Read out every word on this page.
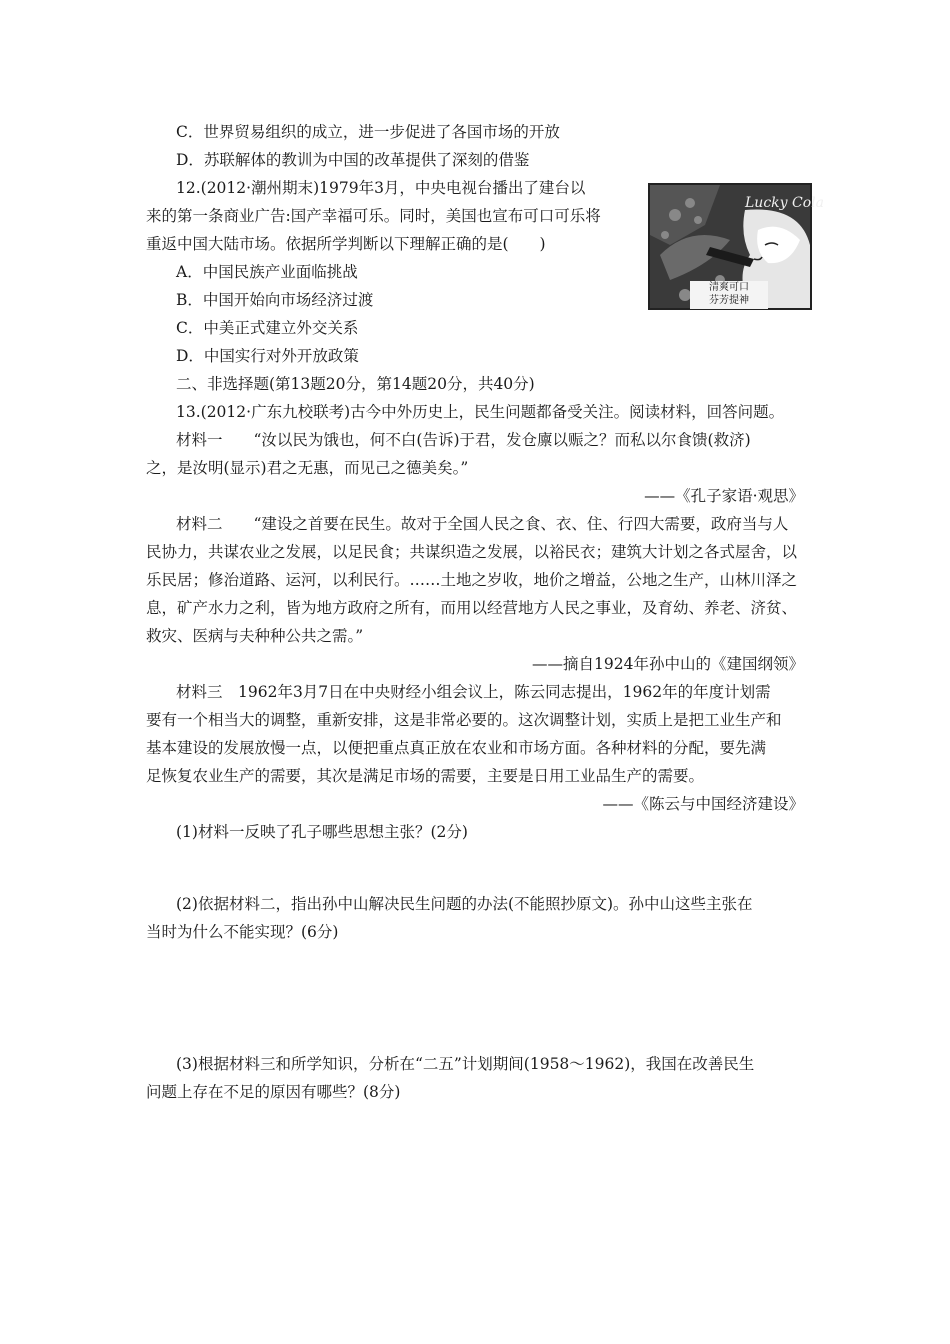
C．世界贸易组织的成立，进一步促进了各国市场的开放
D．苏联解体的教训为中国的改革提供了深刻的借鉴
12.(2012·潮州期末)1979年3月，中央电视台播出了建台以
来的第一条商业广告:国产幸福可乐。同时，美国也宣布可口可乐将
重返中国大陆市场。依据所学判断以下理解正确的是(　　)
A．中国民族产业面临挑战
B．中国开始向市场经济过渡
C．中美正式建立外交关系
D．中国实行对外开放政策
二、非选择题(第13题20分，第14题20分，共40分)
13.(2012·广东九校联考)古今中外历史上，民生问题都备受关注。阅读材料，回答问题。
材料一　　“汝以民为饿也，何不白(告诉)于君，发仓廪以赈之？而私以尔食馈(救济)
之，是汝明(显示)君之无惠，而见己之德美矣。”
——《孔子家语·观思》
材料二　　“建设之首要在民生。故对于全国人民之食、衣、住、行四大需要，政府当与人
民协力，共谋农业之发展，以足民食；共谋织造之发展，以裕民衣；建筑大计划之各式屋舍，以
乐民居；修治道路、运河，以利民行。……土地之岁收，地价之增益，公地之生产，山林川泽之
息，矿产水力之利，皆为地方政府之所有，而用以经营地方人民之事业，及育幼、养老、济贫、
救灾、医病与夫种种公共之需。”
——摘自1924年孙中山的《建国纲领》
材料三　1962年3月7日在中央财经小组会议上，陈云同志提出，1962年的年度计划需
要有一个相当大的调整，重新安排，这是非常必要的。这次调整计划，实质上是把工业生产和
基本建设的发展放慢一点，以便把重点真正放在农业和市场方面。各种材料的分配，要先满
足恢复农业生产的需要，其次是满足市场的需要，主要是日用工业品生产的需要。
——《陈云与中国经济建设》
(1)材料一反映了孔子哪些思想主张？(2分)
(2)依据材料二，指出孙中山解决民生问题的办法(不能照抄原文)。孙中山这些主张在
当时为什么不能实现？(6分)
(3)根据材料三和所学知识，分析在“二五”计划期间(1958～1962)，我国在改善民生
问题上存在不足的原因有哪些？(8分)
Lucky Cola
清爽可口
芬芳提神
